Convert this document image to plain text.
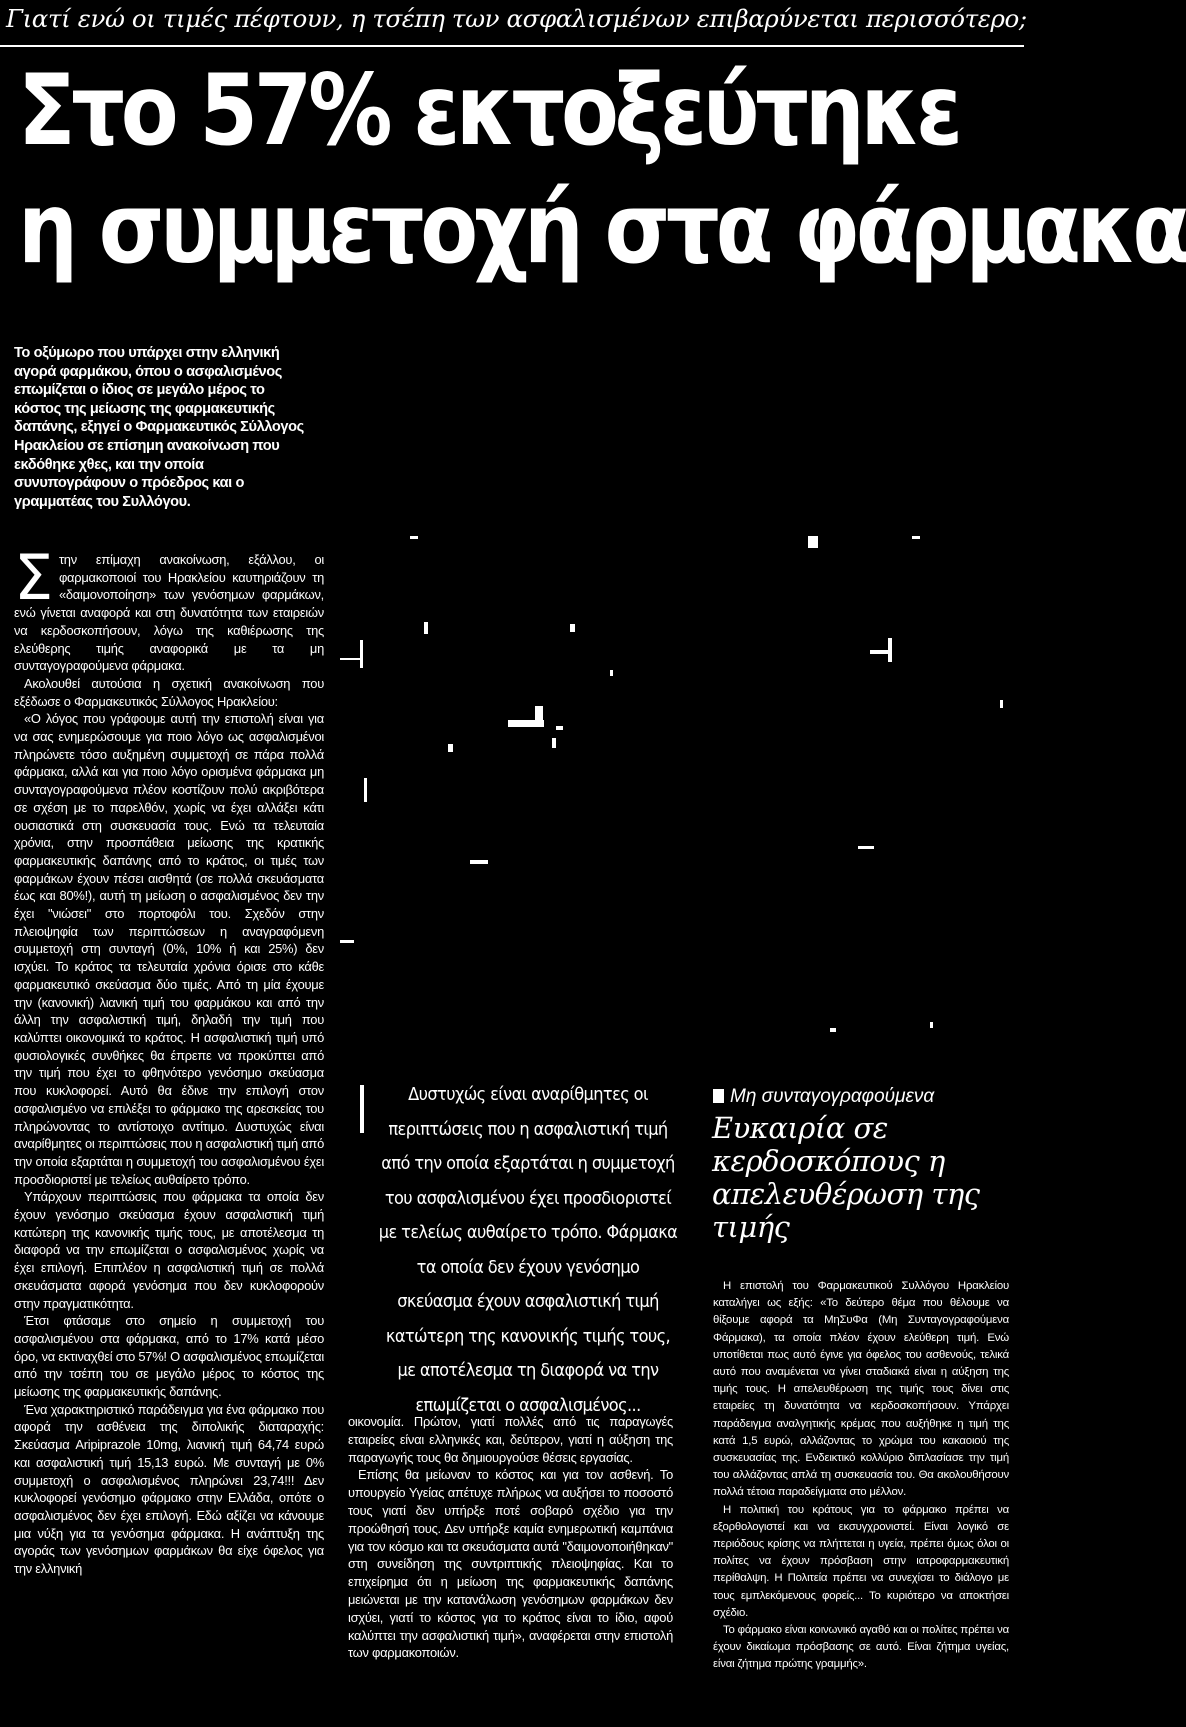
Γιατί ενώ οι τιμές πέφτουν, η τσέπη των ασφαλισμένων επιβαρύνεται περισσότερο;
Στο 57% εκτοξεύτηκε
η συμμετοχή στα φάρμακα
Το οξύμωρο που υπάρχει στην ελληνική αγορά φαρμάκου, όπου ο ασφαλισμένος επωμίζεται ο ίδιος σε μεγάλο μέρος το κόστος της μείωσης της φαρμακευτικής δαπάνης, εξηγεί ο Φαρμακευτικός Σύλλογος Ηρακλείου σε επίσημη ανακοίνωση που εκδόθηκε χθες, και την οποία συνυπογράφουν ο πρόεδρος και ο γραμματέας του Συλλόγου.

Στην επίμαχη ανακοίνωση, εξάλλου, οι φαρμακοποιοί του Ηρακλείου καυτηριάζουν τη «δαιμονοποίηση» των γενόσημων φαρμάκων, ενώ γίνεται αναφορά και στη δυνατότητα των εταιρειών να κερδοσκοπήσουν, λόγω της καθιέρωσης της ελεύθερης τιμής αναφορικά με τα μη συνταγογραφούμενα φάρμακα.

Ακολουθεί αυτούσια η σχετική ανακοίνωση που εξέδωσε ο Φαρμακευτικός Σύλλογος Ηρακλείου:

«Ο λόγος που γράφουμε αυτή την επιστολή είναι για να σας ενημερώσουμε για ποιο λόγο ως ασφαλισμένοι πληρώνετε τόσο αυξημένη συμμετοχή σε πάρα πολλά φάρμακα, αλλά και για ποιο λόγο ορισμένα φάρμακα μη συνταγογραφούμενα πλέον κοστίζουν πολύ ακριβότερα σε σχέση με το παρελθόν, χωρίς να έχει αλλάξει κάτι ουσιαστικά στη συσκευασία τους. Ενώ τα τελευταία χρόνια, στην προσπάθεια μείωσης της κρατικής φαρμακευτικής δαπάνης από το κράτος, οι τιμές των φαρμάκων έχουν πέσει αισθητά (σε πολλά σκευάσματα έως και 80%!), αυτή τη μείωση ο ασφαλισμένος δεν την έχει "νιώσει" στο πορτοφόλι του. Σχεδόν στην πλειοψηφία των περιπτώσεων η αναγραφόμενη συμμετοχή στη συνταγή (0%, 10% ή και 25%) δεν ισχύει. Το κράτος τα τελευταία χρόνια όρισε στο κάθε φαρμακευτικό σκεύασμα δύο τιμές. Από τη μία έχουμε την (κανονική) λιανική τιμή του φαρμάκου και από την άλλη την ασφαλιστική τιμή, δηλαδή την τιμή που καλύπτει οικονομικά το κράτος. Η ασφαλιστική τιμή υπό φυσιολογικές συνθήκες θα έπρεπε να προκύπτει από την τιμή που έχει το φθηνότερο γενόσημο σκεύασμα που κυκλοφορεί. Αυτό θα έδινε την επιλογή στον ασφαλισμένο να επιλέξει το φάρμακο της αρεσκείας του πληρώνοντας το αντίστοιχο αντίτιμο. Δυστυχώς είναι αναρίθμητες οι περιπτώσεις που η ασφαλιστική τιμή από την οποία εξαρτάται η συμμετοχή του ασφαλισμένου έχει προσδιοριστεί με τελείως αυθαίρετο τρόπο.

Υπάρχουν περιπτώσεις που φάρμακα τα οποία δεν έχουν γενόσημο σκεύασμα έχουν ασφαλιστική τιμή κατώτερη της κανονικής τιμής τους, με αποτέλεσμα τη διαφορά να την επωμίζεται ο ασφαλισμένος χωρίς να έχει επιλογή. Επιπλέον η ασφαλιστική τιμή σε πολλά σκευάσματα αφορά γενόσημα που δεν κυκλοφορούν στην πραγματικότητα.

Έτσι φτάσαμε στο σημείο η συμμετοχή του ασφαλισμένου στα φάρμακα, από το 17% κατά μέσο όρο, να εκτιναχθεί στο 57%! Ο ασφαλισμένος επωμίζεται από την τσέπη του σε μεγάλο μέρος το κόστος της μείωσης της φαρμακευτικής δαπάνης.

Ένα χαρακτηριστικό παράδειγμα για ένα φάρμακο που αφορά την ασθένεια της διπολικής διαταραχής: Σκεύασμα Aripiprazole 10mg, λιανική τιμή 64,74 ευρώ και ασφαλιστική τιμή 15,13 ευρώ. Με συνταγή με 0% συμμετοχή ο ασφαλισμένος πληρώνει 23,74!!! Δεν κυκλοφορεί γενόσημο φάρμακο στην Ελλάδα, οπότε ο ασφαλισμένος δεν έχει επιλογή. Εδώ αξίζει να κάνουμε μια νύξη για τα γενόσημα φάρμακα. Η ανάπτυξη της αγοράς των γενόσημων φαρμάκων θα είχε όφελος για την ελληνική

Δυστυχώς είναι αναρίθμητες οι περιπτώσεις που η ασφαλιστική τιμή από την οποία εξαρτάται η συμμετοχή του ασφαλισμένου έχει προσδιοριστεί με τελείως αυθαίρετο τρόπο. Φάρμακα τα οποία δεν έχουν γενόσημο σκεύασμα έχουν ασφαλιστική τιμή κατώτερη της κανονικής τιμής τους, με αποτέλεσμα τη διαφορά να την επωμίζεται ο ασφαλισμένος...

οικονομία. Πρώτον, γιατί πολλές από τις παραγωγές εταιρείες είναι ελληνικές και, δεύτερον, γιατί η αύξηση της παραγωγής τους θα δημιουργούσε θέσεις εργασίας.

Επίσης θα μείωναν το κόστος και για τον ασθενή. Το υπουργείο Υγείας απέτυχε πλήρως να αυξήσει το ποσοστό τους γιατί δεν υπήρξε ποτέ σοβαρό σχέδιο για την προώθησή τους. Δεν υπήρξε καμία ενημερωτική καμπάνια για τον κόσμο και τα σκευάσματα αυτά "δαιμονοποιήθηκαν" στη συνείδηση της συντριπτικής πλειοψηφίας. Και το επιχείρημα ότι η μείωση της φαρμακευτικής δαπάνης μειώνεται με την κατανάλωση γενόσημων φαρμάκων δεν ισχύει, γιατί το κόστος για το κράτος είναι το ίδιο, αφού καλύπτει την ασφαλιστική τιμή», αναφέρεται στην επιστολή των φαρμακοποιών.

Μη συνταγογραφούμενα
Ευκαιρία σε κερδοσκόπους η απελευθέρωση της τιμής

Η επιστολή του Φαρμακευτικού Συλλόγου Ηρακλείου καταλήγει ως εξής: «Το δεύτερο θέμα που θέλουμε να θίξουμε αφορά τα ΜηΣυΦα (Μη Συνταγογραφούμενα Φάρμακα), τα οποία πλέον έχουν ελεύθερη τιμή. Ενώ υποτίθεται πως αυτό έγινε για όφελος του ασθενούς, τελικά αυτό που αναμένεται να γίνει σταδιακά είναι η αύξηση της τιμής τους. Η απελευθέρωση της τιμής τους δίνει στις εταιρείες τη δυνατότητα να κερδοσκοπήσουν. Υπάρχει παράδειγμα αναλγητικής κρέμας που αυξήθηκε η τιμή της κατά 1,5 ευρώ, αλλάζοντας το χρώμα του κακαοιού της συσκευασίας της. Ενδεικτικό κολλύριο διπλασίασε την τιμή του αλλάζοντας απλά τη συσκευασία του. Θα ακολουθήσουν πολλά τέτοια παραδείγματα στο μέλλον.

Η πολιτική του κράτους για το φάρμακο πρέπει να εξορθολογιστεί και να εκσυγχρονιστεί. Είναι λογικό σε περιόδους κρίσης να πλήττεται η υγεία, πρέπει όμως όλοι οι πολίτες να έχουν πρόσβαση στην ιατροφαρμακευτική περίθαλψη. Η Πολιτεία πρέπει να συνεχίσει το διάλογο με τους εμπλεκόμενους φορείς... Το κυριότερο να αποκτήσει σχέδιο.

Το φάρμακο είναι κοινωνικό αγαθό και οι πολίτες πρέπει να έχουν δικαίωμα πρόσβασης σε αυτό. Είναι ζήτημα υγείας, είναι ζήτημα πρώτης γραμμής».
